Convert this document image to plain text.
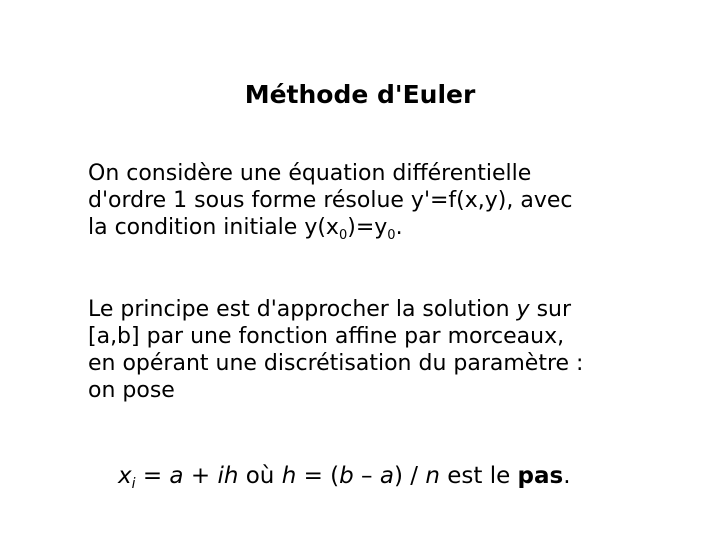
Méthode d'Euler
On considère une équation différentielle
d'ordre 1 sous forme résolue y'=f(x,y), avec
la condition initiale $y(x_0)=y_0$.
Le principe est d'approcher la solution y sur
[a,b] par une fonction affine par morceaux,
en opérant une discrétisation du paramètre :
on pose
$x_i = a$ + ih où h = (b – a) / n est le pas.
